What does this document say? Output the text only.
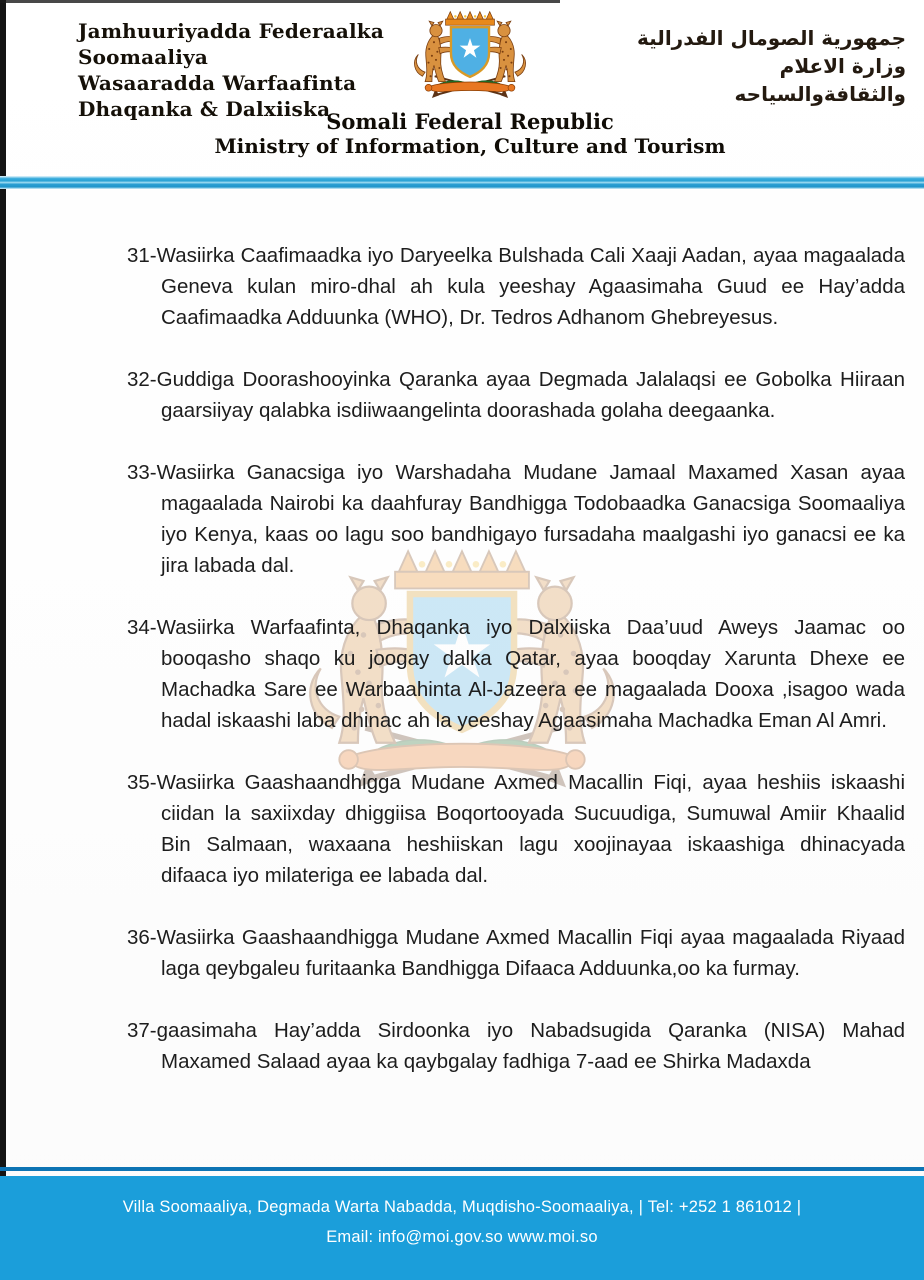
Jamhuuriyadda Federaalka
Soomaaliya
Wasaaradda Warfaafinta
Dhaqanka & Dalxiiska
جمهورية الصومال الفدرالية
وزارة الاعلام
والثقافةوالسياحه
Somali Federal Republic
Ministry of Information, Culture and Tourism
31-Wasiirka Caafimaadka iyo Daryeelka Bulshada Cali Xaaji Aadan, ayaa magaalada Geneva kulan miro-dhal ah kula yeeshay Agaasimaha Guud ee Hay’adda Caafimaadka Adduunka (WHO), Dr. Tedros Adhanom Ghebreyesus.
32-Guddiga Doorashooyinka Qaranka ayaa Degmada Jalalaqsi ee Gobolka Hiiraan gaarsiiyay qalabka isdiiwaangelinta doorashada golaha deegaanka.
33-Wasiirka Ganacsiga iyo Warshadaha Mudane Jamaal Maxamed Xasan ayaa magaalada Nairobi ka daahfuray Bandhigga Todobaadka Ganacsiga Soomaaliya iyo Kenya, kaas oo lagu soo bandhigayo fursadaha maalgashi iyo ganacsi ee ka jira labada dal.
34-Wasiirka Warfaafinta, Dhaqanka iyo Dalxiiska Daa’uud Aweys Jaamac oo booqasho shaqo ku joogay dalka Qatar, ayaa booqday Xarunta Dhexe ee Machadka Sare ee Warbaahinta Al-Jazeera ee magaalada Dooxa ,isagoo wada hadal iskaashi laba dhinac ah la yeeshay Agaasimaha Machadka Eman Al Amri.
35-Wasiirka Gaashaandhigga Mudane Axmed Macallin Fiqi, ayaa heshiis iskaashi ciidan la saxiixday dhiggiisa Boqortooyada Sucuudiga, Sumuwal Amiir Khaalid Bin Salmaan, waxaana heshiiskan lagu xoojinayaa iskaashiga dhinacyada difaaca iyo milateriga ee labada dal.
36-Wasiirka Gaashaandhigga Mudane Axmed Macallin Fiqi ayaa magaalada Riyaad laga qeybgaleu furitaanka Bandhigga Difaaca Adduunka,oo ka furmay.
37-gaasimaha Hay’adda Sirdoonka iyo Nabadsugida Qaranka (NISA) Mahad Maxamed Salaad ayaa ka qaybgalay fadhiga 7-aad ee Shirka Madaxda
Villa Soomaaliya, Degmada Warta Nabadda, Muqdisho-Soomaaliya, | Tel: +252 1 861012 |
Email: info@moi.gov.so www.moi.so
